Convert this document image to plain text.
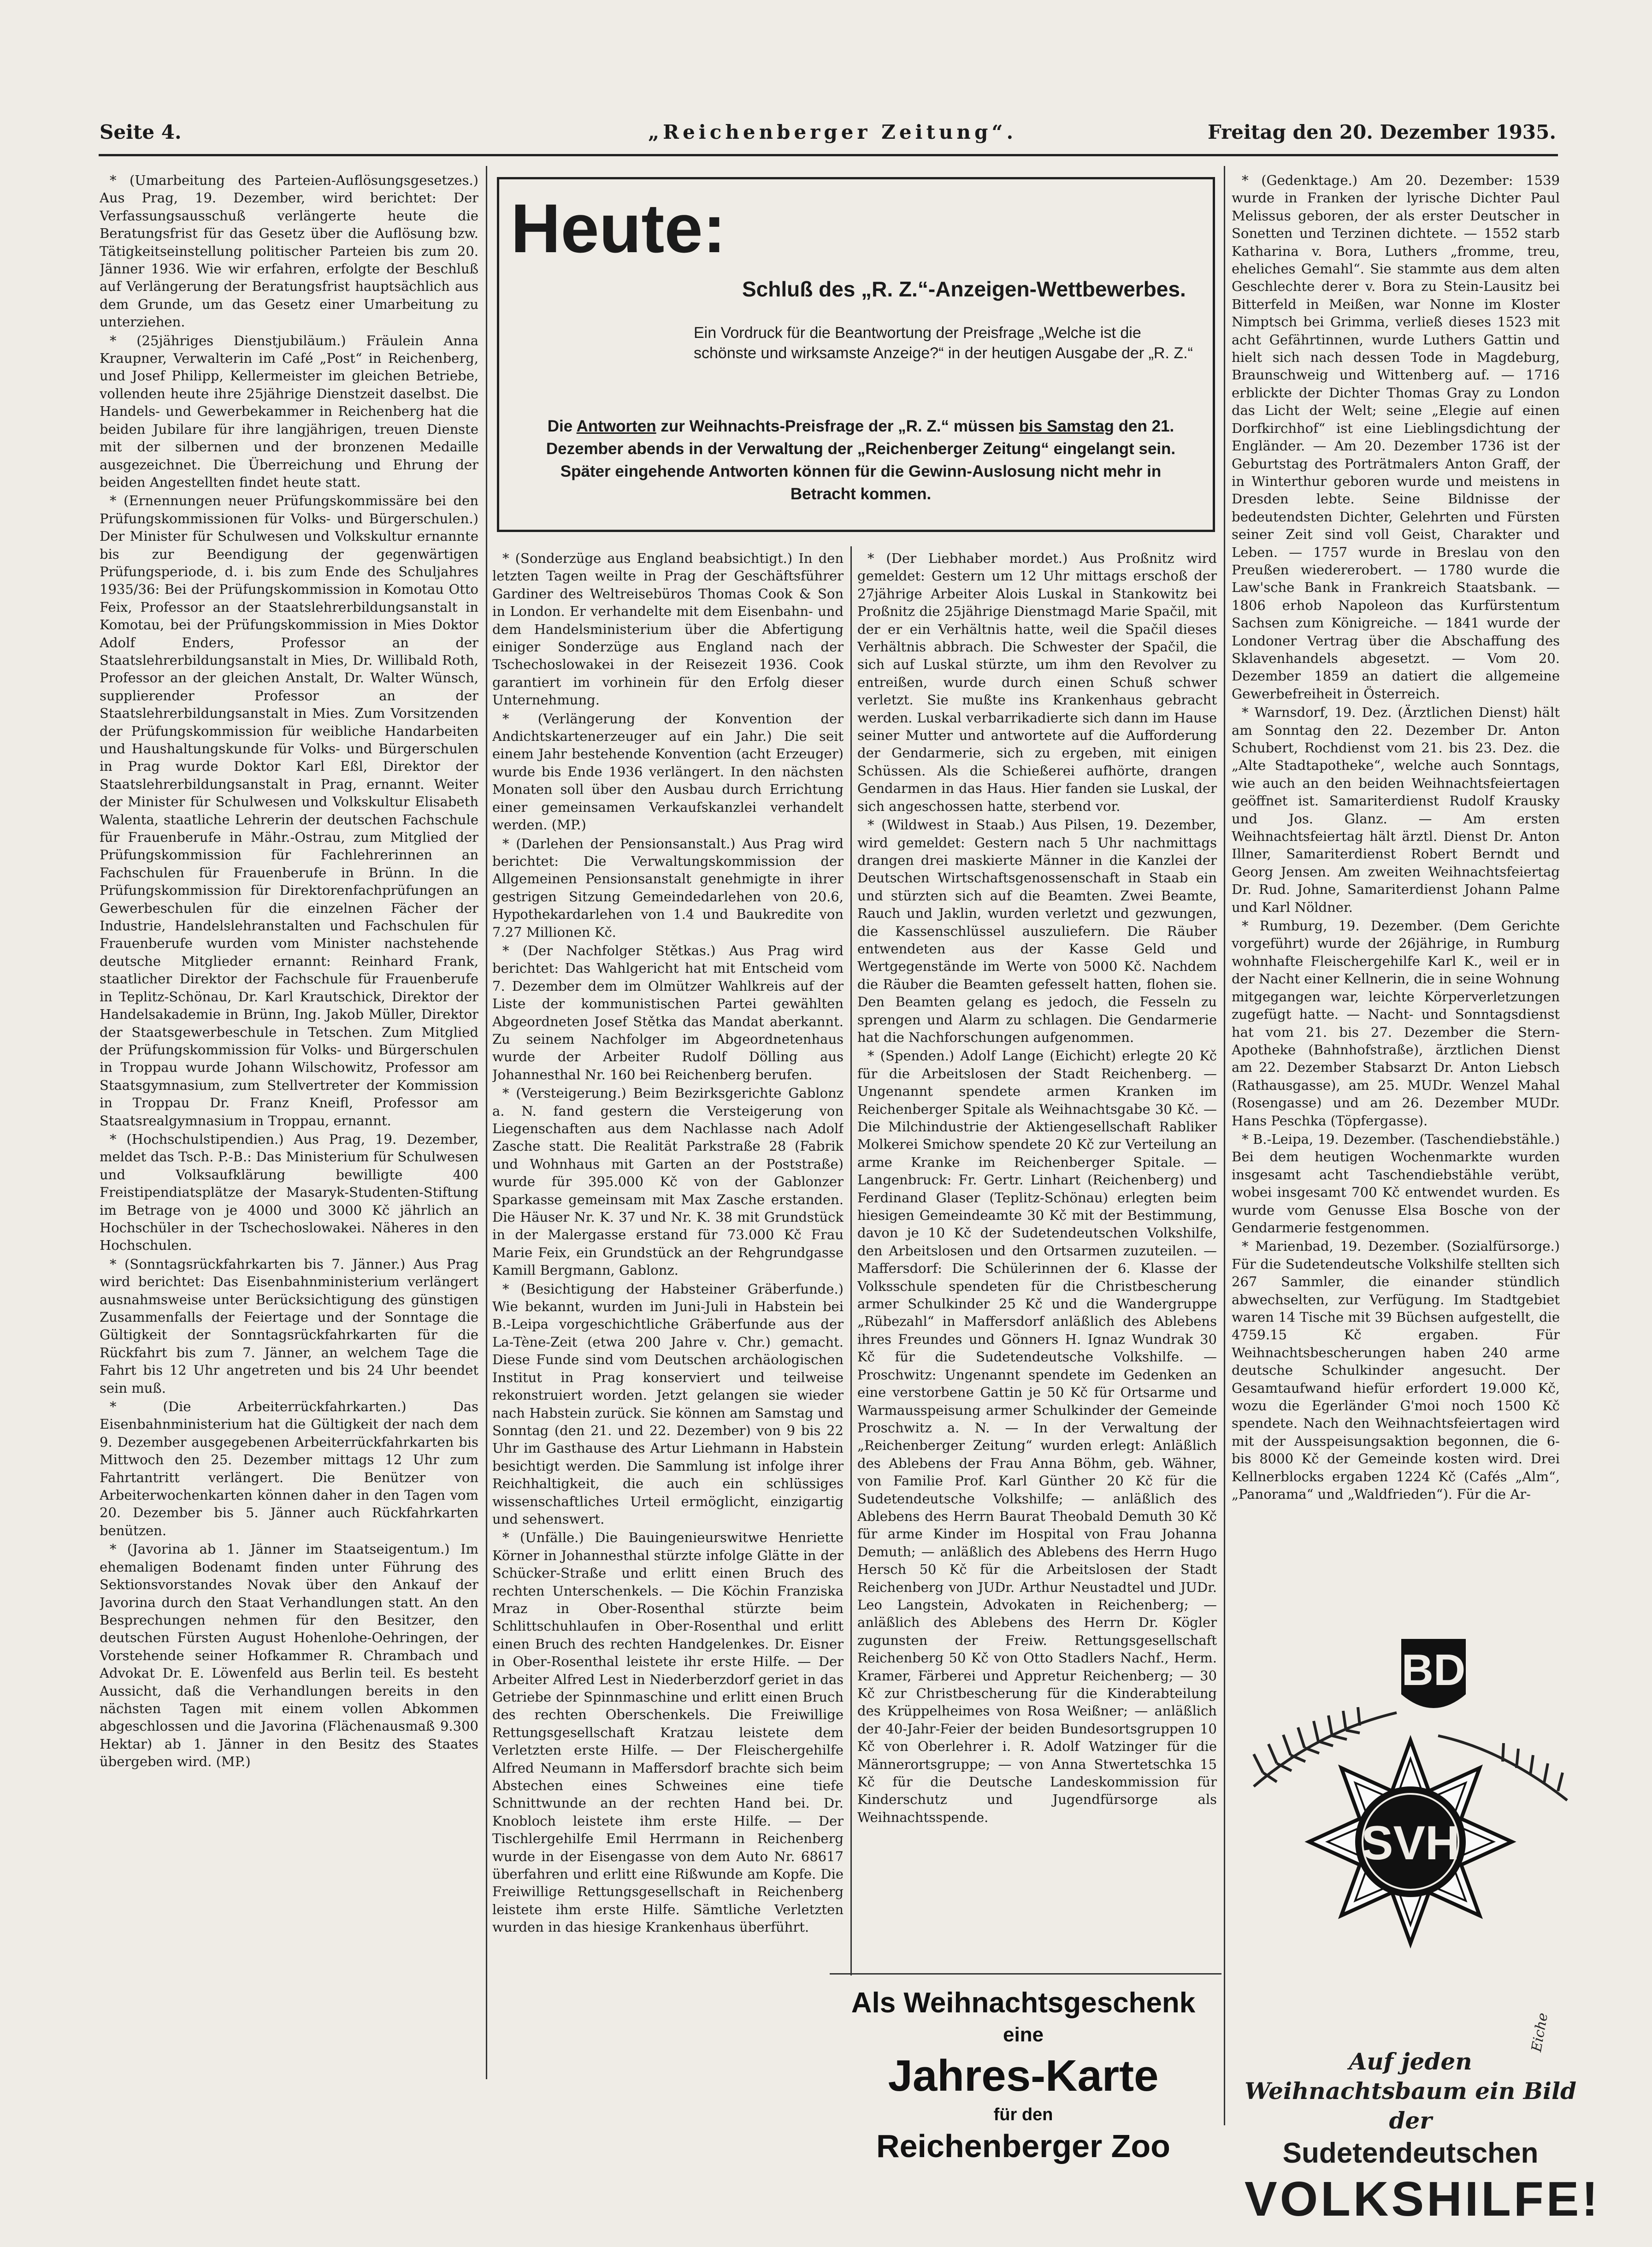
Seite 4.	„Reichenberger Zeitung“.	Freitag den 20. Dezember 1935.

* (Umarbeitung des Parteien-Auflösungsgesetzes.) Aus Prag, 19. Dezember, wird berichtet: Der Verfassungsausschuß verlängerte heute die Beratungsfrist für das Gesetz über die Auflösung bzw. Tätigkeitseinstellung politischer Parteien bis zum 20. Jänner 1936. Wie wir erfahren, erfolgte der Beschluß auf Verlängerung der Beratungsfrist hauptsächlich aus dem Grunde, um das Gesetz einer Umarbeitung zu unterziehen.

* (25jähriges Dienstjubiläum.) Fräulein Anna Kraupner, Verwalterin im Café „Post“ in Reichenberg, und Josef Philipp, Kellermeister im gleichen Betriebe, vollenden heute ihre 25jährige Dienstzeit daselbst. Die Handels- und Gewerbekammer in Reichenberg hat die beiden Jubilare für ihre langjährigen, treuen Dienste mit der silbernen und der bronzenen Medaille ausgezeichnet. Die Überreichung und Ehrung der beiden Angestellten findet heute statt.

* (Ernennungen neuer Prüfungskommissäre bei den Prüfungskommissionen für Volks- und Bürgerschulen.) Der Minister für Schulwesen und Volkskultur ernannte bis zur Beendigung der gegenwärtigen Prüfungsperiode, d. i. bis zum Ende des Schuljahres 1935/36: Bei der Prüfungskommission in Komotau Otto Feix, Professor an der Staatslehrerbildungsanstalt in Komotau, bei der Prüfungskommission in Mies Doktor Adolf Enders, Professor an der Staatslehrerbildungsanstalt in Mies, Dr. Willibald Roth, Professor an der gleichen Anstalt, Dr. Walter Wünsch, supplierender Professor an der Staatslehrerbildungsanstalt in Mies. Zum Vorsitzenden der Prüfungskommission für weibliche Handarbeiten und Haushaltungskunde für Volks- und Bürgerschulen in Prag wurde Doktor Karl Eßl, Direktor der Staatslehrerbildungsanstalt in Prag, ernannt. Weiter der Minister für Schulwesen und Volkskultur Elisabeth Walenta, staatliche Lehrerin der deutschen Fachschule für Frauenberufe in Mähr.-Ostrau, zum Mitglied der Prüfungskommission für Fachlehrerinnen an Fachschulen für Frauenberufe in Brünn. In die Prüfungskommission für Direktorenfachprüfungen an Gewerbeschulen für die einzelnen Fächer der Industrie, Handelslehranstalten und Fachschulen für Frauenberufe wurden vom Minister nachstehende deutsche Mitglieder ernannt: Reinhard Frank, staatlicher Direktor der Fachschule für Frauenberufe in Teplitz-Schönau, Dr. Karl Krautschick, Direktor der Handelsakademie in Brünn, Ing. Jakob Müller, Direktor der Staatsgewerbeschule in Tetschen. Zum Mitglied der Prüfungskommission für Volks- und Bürgerschulen in Troppau wurde Johann Wilschowitz, Professor am Staatsgymnasium, zum Stellvertreter der Kommission in Troppau Dr. Franz Kneifl, Professor am Staatsrealgymnasium in Troppau, ernannt.

* (Hochschulstipendien.) Aus Prag, 19. Dezember, meldet das Tsch. P.-B.: Das Ministerium für Schulwesen und Volksaufklärung bewilligte 400 Freistipendiatsplätze der Masaryk-Studenten-Stiftung im Betrage von je 4000 und 3000 Kč jährlich an Hochschüler in der Tschechoslowakei. Näheres in den Hochschulen.

* (Sonntagsrückfahrkarten bis 7. Jänner.) Aus Prag wird berichtet: Das Eisenbahnministerium verlängert ausnahmsweise unter Berücksichtigung des günstigen Zusammenfalls der Feiertage und der Sonntage die Gültigkeit der Sonntagsrückfahrkarten für die Rückfahrt bis zum 7. Jänner, an welchem Tage die Fahrt bis 12 Uhr angetreten und bis 24 Uhr beendet sein muß.

* (Die Arbeiterrückfahrkarten.) Das Eisenbahnministerium hat die Gültigkeit der nach dem 9. Dezember ausgegebenen Arbeiterrückfahrkarten bis Mittwoch den 25. Dezember mittags 12 Uhr zum Fahrtantritt verlängert. Die Benützer von Arbeiterwochenkarten können daher in den Tagen vom 20. Dezember bis 5. Jänner auch Rückfahrkarten benützen.

* (Javorina ab 1. Jänner im Staatseigentum.) Im ehemaligen Bodenamt finden unter Führung des Sektionsvorstandes Novak über den Ankauf der Javorina durch den Staat Verhandlungen statt. An den Besprechungen nehmen für den Besitzer, den deutschen Fürsten August Hohenlohe-Oehringen, der Vorstehende seiner Hofkammer R. Chrambach und Advokat Dr. E. Löwenfeld aus Berlin teil. Es besteht Aussicht, daß die Verhandlungen bereits in den nächsten Tagen mit einem vollen Abkommen abgeschlossen und die Javorina (Flächenausmaß 9.300 Hektar) ab 1. Jänner in den Besitz des Staates übergeben wird. (MP.)

Heute:
Schluß des „R. Z.“-Anzeigen-Wettbewerbes.
Ein Vordruck für die Beantwortung der Preisfrage „Welche ist die schönste und wirksamste Anzeige?“ in der heutigen Ausgabe der „R. Z.“
Die Antworten zur Weihnachts-Preisfrage der „R. Z.“ müssen bis Samstag den 21. Dezember abends in der Verwaltung der „Reichenberger Zeitung“ eingelangt sein. Später eingehende Antworten können für die Gewinn-Auslosung nicht mehr in Betracht kommen.

* (Sonderzüge aus England beabsichtigt.) In den letzten Tagen weilte in Prag der Geschäftsführer Gardiner des Weltreisebüros Thomas Cook & Son in London. Er verhandelte mit dem Eisenbahn- und dem Handelsministerium über die Abfertigung einiger Sonderzüge aus England nach der Tschechoslowakei in der Reisezeit 1936. Cook garantiert im vorhinein für den Erfolg dieser Unternehmung.

* (Verlängerung der Konvention der Andichtskartenerzeuger auf ein Jahr.) Die seit einem Jahr bestehende Konvention (acht Erzeuger) wurde bis Ende 1936 verlängert. In den nächsten Monaten soll über den Ausbau durch Errichtung einer gemeinsamen Verkaufskanzlei verhandelt werden. (MP.)

* (Darlehen der Pensionsanstalt.) Aus Prag wird berichtet: Die Verwaltungskommission der Allgemeinen Pensionsanstalt genehmigte in ihrer gestrigen Sitzung Gemeindedarlehen von 20.6, Hypothekardarlehen von 1.4 und Baukredite von 7.27 Millionen Kč.

* (Der Nachfolger Stětkas.) Aus Prag wird berichtet: Das Wahlgericht hat mit Entscheid vom 7. Dezember dem im Olmützer Wahlkreis auf der Liste der kommunistischen Partei gewählten Abgeordneten Josef Stětka das Mandat aberkannt. Zu seinem Nachfolger im Abgeordnetenhaus wurde der Arbeiter Rudolf Dölling aus Johannesthal Nr. 160 bei Reichenberg berufen.

* (Versteigerung.) Beim Bezirksgerichte Gablonz a. N. fand gestern die Versteigerung von Liegenschaften aus dem Nachlasse nach Adolf Zasche statt. Die Realität Parkstraße 28 (Fabrik und Wohnhaus mit Garten an der Poststraße) wurde für 395.000 Kč von der Gablonzer Sparkasse gemeinsam mit Max Zasche erstanden. Die Häuser Nr. K. 37 und Nr. K. 38 mit Grundstück in der Malergasse erstand für 73.000 Kč Frau Marie Feix, ein Grundstück an der Rehgrundgasse Kamill Bergmann, Gablonz.

* (Besichtigung der Habsteiner Gräberfunde.) Wie bekannt, wurden im Juni-Juli in Habstein bei B.-Leipa vorgeschichtliche Gräberfunde aus der La-Tène-Zeit (etwa 200 Jahre v. Chr.) gemacht. Diese Funde sind vom Deutschen archäologischen Institut in Prag konserviert und teilweise rekonstruiert worden. Jetzt gelangen sie wieder nach Habstein zurück. Sie können am Samstag und Sonntag (den 21. und 22. Dezember) von 9 bis 22 Uhr im Gasthause des Artur Liehmann in Habstein besichtigt werden. Die Sammlung ist infolge ihrer Reichhaltigkeit, die auch ein schlüssiges wissenschaftliches Urteil ermöglicht, einzigartig und sehenswert.

* (Unfälle.) Die Bauingenieurswitwe Henriette Körner in Johannesthal stürzte infolge Glätte in der Schücker-Straße und erlitt einen Bruch des rechten Unterschenkels. — Die Köchin Franziska Mraz in Ober-Rosenthal stürzte beim Schlittschuhlaufen in Ober-Rosenthal und erlitt einen Bruch des rechten Handgelenkes. Dr. Eisner in Ober-Rosenthal leistete ihr erste Hilfe. — Der Arbeiter Alfred Lest in Niederberzdorf geriet in das Getriebe der Spinnmaschine und erlitt einen Bruch des rechten Oberschenkels. Die Freiwillige Rettungsgesellschaft Kratzau leistete dem Verletzten erste Hilfe. — Der Fleischergehilfe Alfred Neumann in Maffersdorf brachte sich beim Abstechen eines Schweines eine tiefe Schnittwunde an der rechten Hand bei. Dr. Knobloch leistete ihm erste Hilfe. — Der Tischlergehilfe Emil Herrmann in Reichenberg wurde in der Eisengasse von dem Auto Nr. 68617 überfahren und erlitt eine Rißwunde am Kopfe. Die Freiwillige Rettungsgesellschaft in Reichenberg leistete ihm erste Hilfe. Sämtliche Verletzten wurden in das hiesige Krankenhaus überführt.

* (Der Liebhaber mordet.) Aus Proßnitz wird gemeldet: Gestern um 12 Uhr mittags erschoß der 27jährige Arbeiter Alois Luskal in Stankowitz bei Proßnitz die 25jährige Dienstmagd Marie Spačil, mit der er ein Verhältnis hatte, weil die Spačil dieses Verhältnis abbrach. Die Schwester der Spačil, die sich auf Luskal stürzte, um ihm den Revolver zu entreißen, wurde durch einen Schuß schwer verletzt. Sie mußte ins Krankenhaus gebracht werden. Luskal verbarrikadierte sich dann im Hause seiner Mutter und antwortete auf die Aufforderung der Gendarmerie, sich zu ergeben, mit einigen Schüssen. Als die Schießerei aufhörte, drangen Gendarmen in das Haus. Hier fanden sie Luskal, der sich angeschossen hatte, sterbend vor.

* (Wildwest in Staab.) Aus Pilsen, 19. Dezember, wird gemeldet: Gestern nach 5 Uhr nachmittags drangen drei maskierte Männer in die Kanzlei der Deutschen Wirtschaftsgenossenschaft in Staab ein und stürzten sich auf die Beamten. Zwei Beamte, Rauch und Jaklin, wurden verletzt und gezwungen, die Kassenschlüssel auszuliefern. Die Räuber entwendeten aus der Kasse Geld und Wertgegenstände im Werte von 5000 Kč. Nachdem die Räuber die Beamten gefesselt hatten, flohen sie. Den Beamten gelang es jedoch, die Fesseln zu sprengen und Alarm zu schlagen. Die Gendarmerie hat die Nachforschungen aufgenommen.

* (Spenden.) Adolf Lange (Eichicht) erlegte 20 Kč für die Arbeitslosen der Stadt Reichenberg. — Ungenannt spendete armen Kranken im Reichenberger Spitale als Weihnachtsgabe 30 Kč. — Die Milchindustrie der Aktiengesellschaft Rabliker Molkerei Smichow spendete 20 Kč zur Verteilung an arme Kranke im Reichenberger Spitale. — Langenbruck: Fr. Gertr. Linhart (Reichenberg) und Ferdinand Glaser (Teplitz-Schönau) erlegten beim hiesigen Gemeindeamte 30 Kč mit der Bestimmung, davon je 10 Kč der Sudetendeutschen Volkshilfe, den Arbeitslosen und den Ortsarmen zuzuteilen. — Maffersdorf: Die Schülerinnen der 6. Klasse der Volksschule spendeten für die Christbescherung armer Schulkinder 25 Kč und die Wandergruppe „Rübezahl“ in Maffersdorf anläßlich des Ablebens ihres Freundes und Gönners H. Ignaz Wundrak 30 Kč für die Sudetendeutsche Volkshilfe. — Proschwitz: Ungenannt spendete im Gedenken an eine verstorbene Gattin je 50 Kč für Ortsarme und Warmausspeisung armer Schulkinder der Gemeinde Proschwitz a. N. — In der Verwaltung der „Reichenberger Zeitung“ wurden erlegt: Anläßlich des Ablebens der Frau Anna Böhm, geb. Wähner, von Familie Prof. Karl Günther 20 Kč für die Sudetendeutsche Volkshilfe; — anläßlich des Ablebens des Herrn Baurat Theobald Demuth 30 Kč für arme Kinder im Hospital von Frau Johanna Demuth; — anläßlich des Ablebens des Herrn Hugo Hersch 50 Kč für die Arbeitslosen der Stadt Reichenberg von JUDr. Arthur Neustadtel und JUDr. Leo Langstein, Advokaten in Reichenberg; — anläßlich des Ablebens des Herrn Dr. Kögler zugunsten der Freiw. Rettungsgesellschaft Reichenberg 50 Kč von Otto Stadlers Nachf., Herm. Kramer, Färberei und Appretur Reichenberg; — 30 Kč zur Christbescherung für die Kinderabteilung des Krüppelheimes von Rosa Weißner; — anläßlich der 40-Jahr-Feier der beiden Bundesortsgruppen 10 Kč von Oberlehrer i. R. Adolf Watzinger für die Männerortsgruppe; — von Anna Stwertetschka 15 Kč für die Deutsche Landeskommission für Kinderschutz und Jugendfürsorge als Weihnachtsspende.

Als Weihnachtsgeschenk
eine
Jahres-Karte
für den
Reichenberger Zoo

* (Gedenktage.) Am 20. Dezember: 1539 wurde in Franken der lyrische Dichter Paul Melissus geboren, der als erster Deutscher in Sonetten und Terzinen dichtete. — 1552 starb Katharina v. Bora, Luthers „fromme, treu, eheliches Gemahl“. Sie stammte aus dem alten Geschlechte derer v. Bora zu Stein-Lausitz bei Bitterfeld in Meißen, war Nonne im Kloster Nimptsch bei Grimma, verließ dieses 1523 mit acht Gefährtinnen, wurde Luthers Gattin und hielt sich nach dessen Tode in Magdeburg, Braunschweig und Wittenberg auf. — 1716 erblickte der Dichter Thomas Gray zu London das Licht der Welt; seine „Elegie auf einen Dorfkirchhof“ ist eine Lieblingsdichtung der Engländer. — Am 20. Dezember 1736 ist der Geburtstag des Porträtmalers Anton Graff, der in Winterthur geboren wurde und meistens in Dresden lebte. Seine Bildnisse der bedeutendsten Dichter, Gelehrten und Fürsten seiner Zeit sind voll Geist, Charakter und Leben. — 1757 wurde in Breslau von den Preußen wiedererobert. — 1780 wurde die Law'sche Bank in Frankreich Staatsbank. — 1806 erhob Napoleon das Kurfürstentum Sachsen zum Königreiche. — 1841 wurde der Londoner Vertrag über die Abschaffung des Sklavenhandels abgesetzt. — Vom 20. Dezember 1859 an datiert die allgemeine Gewerbefreiheit in Österreich.

* Warnsdorf, 19. Dez. (Ärztlichen Dienst) hält am Sonntag den 22. Dezember Dr. Anton Schubert, Rochdienst vom 21. bis 23. Dez. die „Alte Stadtapotheke“, welche auch Sonntags, wie auch an den beiden Weihnachtsfeiertagen geöffnet ist. Samariterdienst Rudolf Krausky und Jos. Glanz. — Am ersten Weihnachtsfeiertag hält ärztl. Dienst Dr. Anton Illner, Samariterdienst Robert Berndt und Georg Jensen. Am zweiten Weihnachtsfeiertag Dr. Rud. Johne, Samariterdienst Johann Palme und Karl Nöldner.

* Rumburg, 19. Dezember. (Dem Gerichte vorgeführt) wurde der 26jährige, in Rumburg wohnhafte Fleischergehilfe Karl K., weil er in der Nacht einer Kellnerin, die in seine Wohnung mitgegangen war, leichte Körperverletzungen zugefügt hatte. — Nacht- und Sonntagsdienst hat vom 21. bis 27. Dezember die Stern-Apotheke (Bahnhofstraße), ärztlichen Dienst am 22. Dezember Stabsarzt Dr. Anton Liebsch (Rathausgasse), am 25. MUDr. Wenzel Mahal (Rosengasse) und am 26. Dezember MUDr. Hans Peschka (Töpfergasse).

* B.-Leipa, 19. Dezember. (Taschendiebstähle.) Bei dem heutigen Wochenmarkte wurden insgesamt acht Taschendiebstähle verübt, wobei insgesamt 700 Kč entwendet wurden. Es wurde vom Genusse Elsa Bosche von der Gendarmerie festgenommen.

* Marienbad, 19. Dezember. (Sozialfürsorge.) Für die Sudetendeutsche Volkshilfe stellten sich 267 Sammler, die einander stündlich abwechselten, zur Verfügung. Im Stadtgebiet waren 14 Tische mit 39 Büchsen aufgestellt, die 4759.15 Kč ergaben. Für Weihnachtsbescherungen haben 240 arme deutsche Schulkinder angesucht. Der Gesamtaufwand hiefür erfordert 19.000 Kč, wozu die Egerländer G'moi noch 1500 Kč spendete. Nach den Weihnachtsfeiertagen wird mit der Ausspeisungsaktion begonnen, die 6- bis 8000 Kč der Gemeinde kosten wird. Drei Kellnerblocks ergaben 1224 Kč (Cafés „Alm“, „Panorama“ und „Waldfrieden“). Für die Ar-

BD
SVH
Eiche
Auf jeden Weihnachtsbaum ein Bild der
Sudetendeutschen
VOLKSHILFE!
